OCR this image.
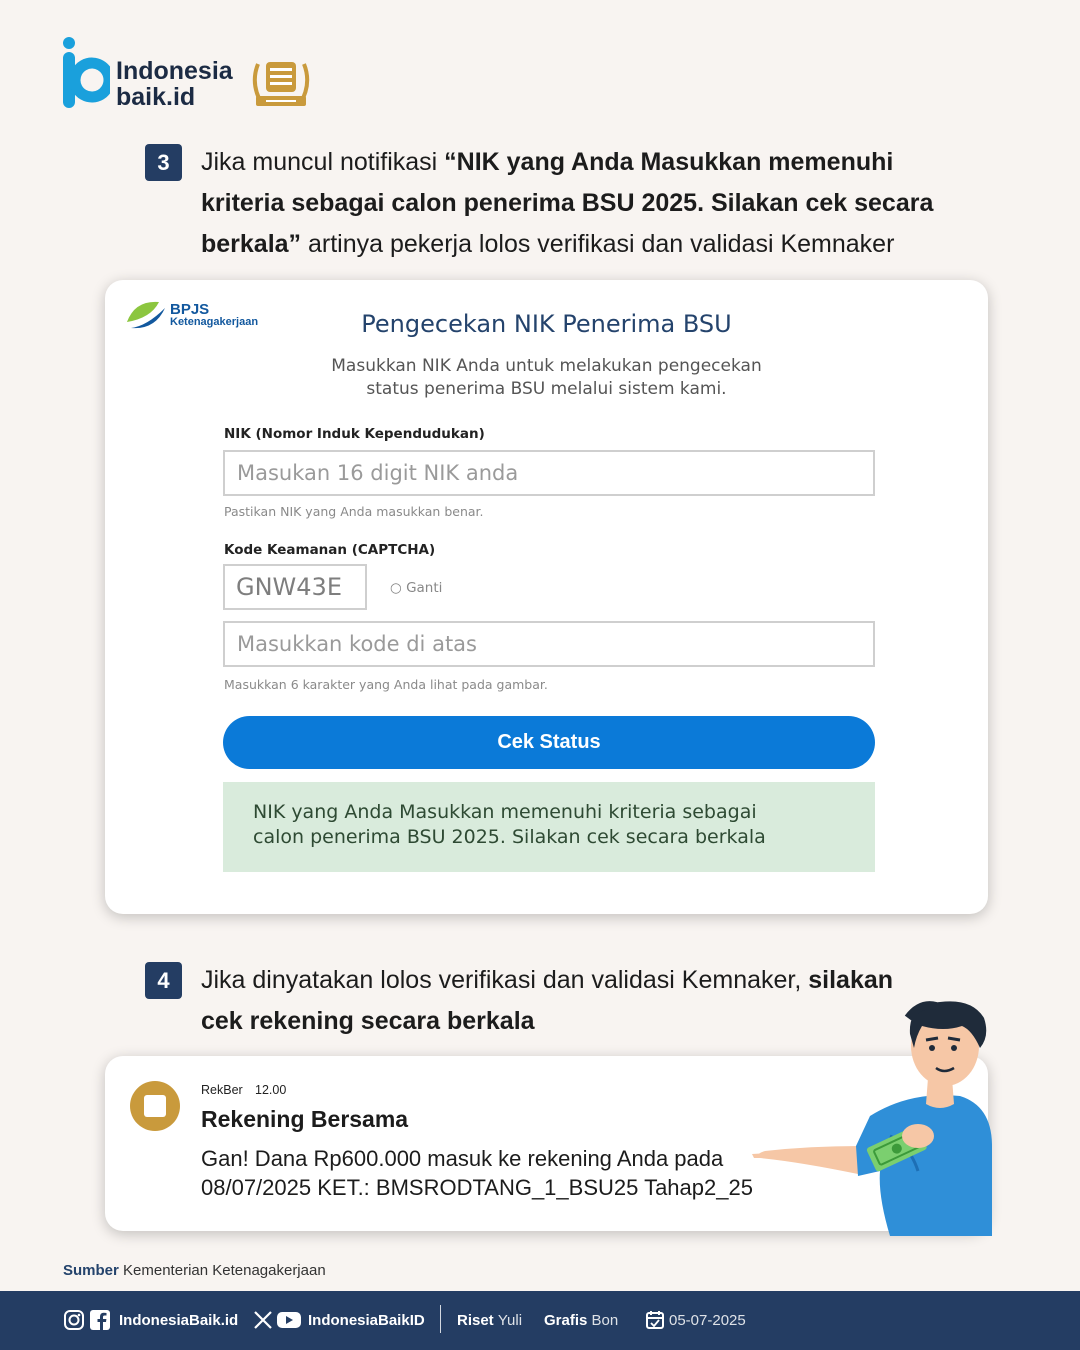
Indonesia
baik.id
3	Jika muncul notifikasi “NIK yang Anda Masukkan memenuhi kriteria sebagai calon penerima BSU 2025. Silakan cek secara berkala” artinya pekerja lolos verifikasi dan validasi Kemnaker
BPJS
Ketenagakerjaan	Pengecekan NIK Penerima BSU
Masukkan NIK Anda untuk melakukan pengecekan
status penerima BSU melalui sistem kami.
NIK (Nomor Induk Kependudukan)
Masukan 16 digit NIK anda
Pastikan NIK yang Anda masukkan benar.
Kode Keamanan (CAPTCHA)
GNW43E	○ Ganti
Masukkan kode di atas
Masukkan 6 karakter yang Anda lihat pada gambar.
Cek Status
NIK yang Anda Masukkan memenuhi kriteria sebagai
calon penerima BSU 2025. Silakan cek secara berkala
4	Jika dinyatakan lolos verifikasi dan validasi Kemnaker, silakan cek rekening secara berkala
RekBer 12.00
Rekening Bersama
Gan! Dana Rp600.000 masuk ke rekening Anda pada
08/07/2025 KET.: BMSRODTANG_1_BSU25 Tahap2_25
Sumber Kementerian Ketenagakerjaan
IndonesiaBaik.id	IndonesiaBaikID Riset Yuli Grafis Bon	05-07-2025
